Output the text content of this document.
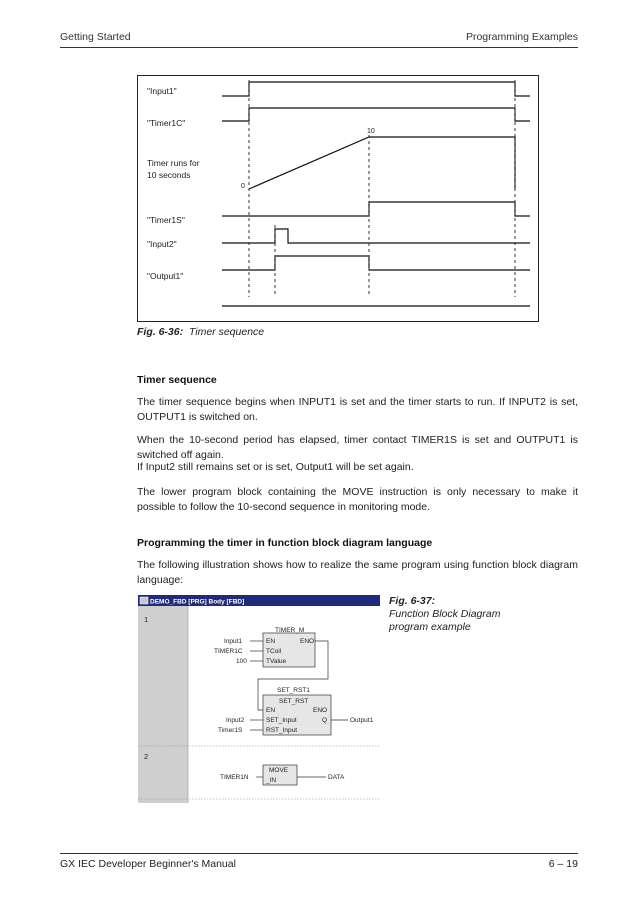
Getting Started	Programming Examples
"Input1"
"Timer1C"
Timer runs for
10 seconds
"Timer1S"
"Input2"
"Output1"
0
10
Fig. 6-36: Timer sequence
Timer sequence

The timer sequence begins when INPUT1 is set and the timer starts to run. If INPUT2 is set, OUTPUT1 is switched on.

When the 10-second period has elapsed, timer contact TIMER1S is set and OUTPUT1 is switched off again.

If Input2 still remains set or is set, Output1 will be set again.

The lower program block containing the MOVE instruction is only necessary to make it possible to follow the 10-second sequence in monitoring mode.

Programming the timer in function block diagram language

The following illustration shows how to realize the same program using function block diagram language:

DEMO_FBD [PRG] Body [FBD]
1
2
TIMER_M
EN	ENO
TCoil
TValue
Input1
TIMER1C
100
SET_RST1
SET_RST
EN	ENO
SET_Input	Q
RST_Input
Input2
Timer1S
Output1
MOVE
_IN
TIMER1N	DATA
Fig. 6-37:
Function Block Diagram
program example
GX IEC Developer Beginner's Manual	6 – 19
